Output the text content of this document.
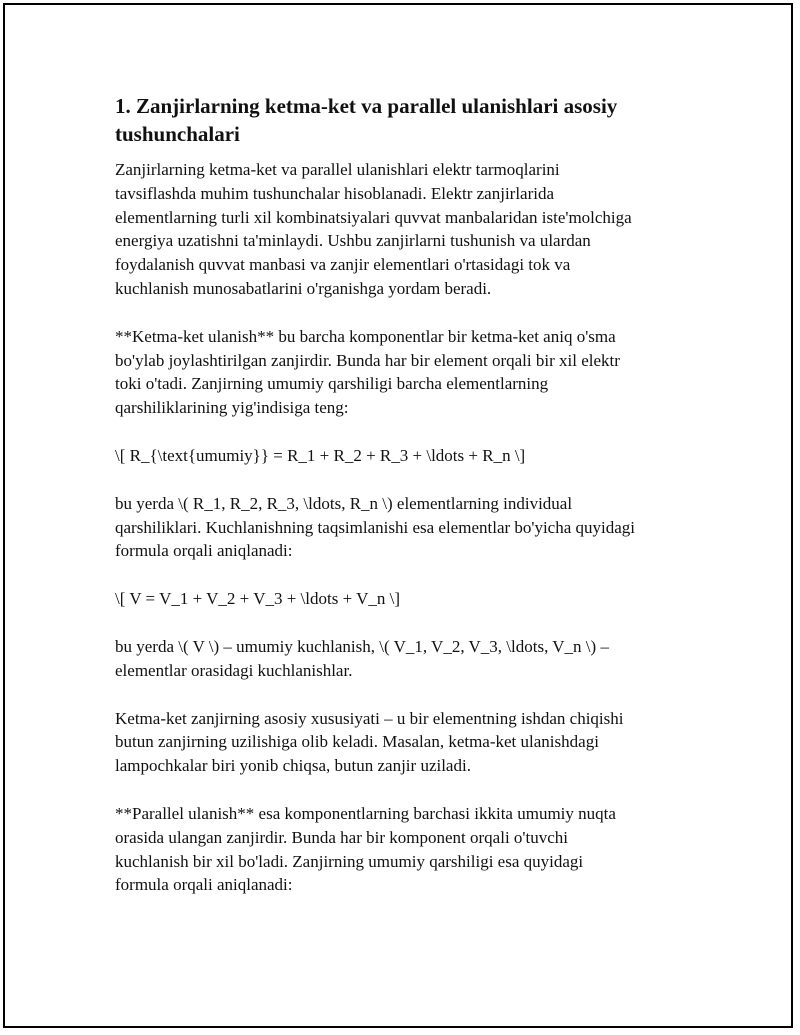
1. Zanjirlarning ketma-ket va parallel ulanishlari asosiy tushunchalari

Zanjirlarning ketma-ket va parallel ulanishlari elektr tarmoqlarini
tavsiflashda muhim tushunchalar hisoblanadi. Elektr zanjirlarida
elementlarning turli xil kombinatsiyalari quvvat manbalaridan iste'molchiga
energiya uzatishni ta'minlaydi. Ushbu zanjirlarni tushunish va ulardan
foydalanish quvvat manbasi va zanjir elementlari o'rtasidagi tok va
kuchlanish munosabatlarini o'rganishga yordam beradi.

**Ketma-ket ulanish** bu barcha komponentlar bir ketma-ket aniq o'sma
bo'ylab joylashtirilgan zanjirdir. Bunda har bir element orqali bir xil elektr
toki o'tadi. Zanjirning umumiy qarshiligi barcha elementlarning
qarshiliklarining yig'indisiga teng:

\[ R_{\text{umumiy}} = R_1 + R_2 + R_3 + \ldots + R_n \]

bu yerda \( R_1, R_2, R_3, \ldots, R_n \) elementlarning individual
qarshiliklari. Kuchlanishning taqsimlanishi esa elementlar bo'yicha quyidagi
formula orqali aniqlanadi:

\[ V = V_1 + V_2 + V_3 + \ldots + V_n \]

bu yerda \( V \) – umumiy kuchlanish, \( V_1, V_2, V_3, \ldots, V_n \) –
elementlar orasidagi kuchlanishlar.

Ketma-ket zanjirning asosiy xususiyati – u bir elementning ishdan chiqishi
butun zanjirning uzilishiga olib keladi. Masalan, ketma-ket ulanishdagi
lampochkalar biri yonib chiqsa, butun zanjir uziladi.

**Parallel ulanish** esa komponentlarning barchasi ikkita umumiy nuqta
orasida ulangan zanjirdir. Bunda har bir komponent orqali o'tuvchi
kuchlanish bir xil bo'ladi. Zanjirning umumiy qarshiligi esa quyidagi
formula orqali aniqlanadi:
